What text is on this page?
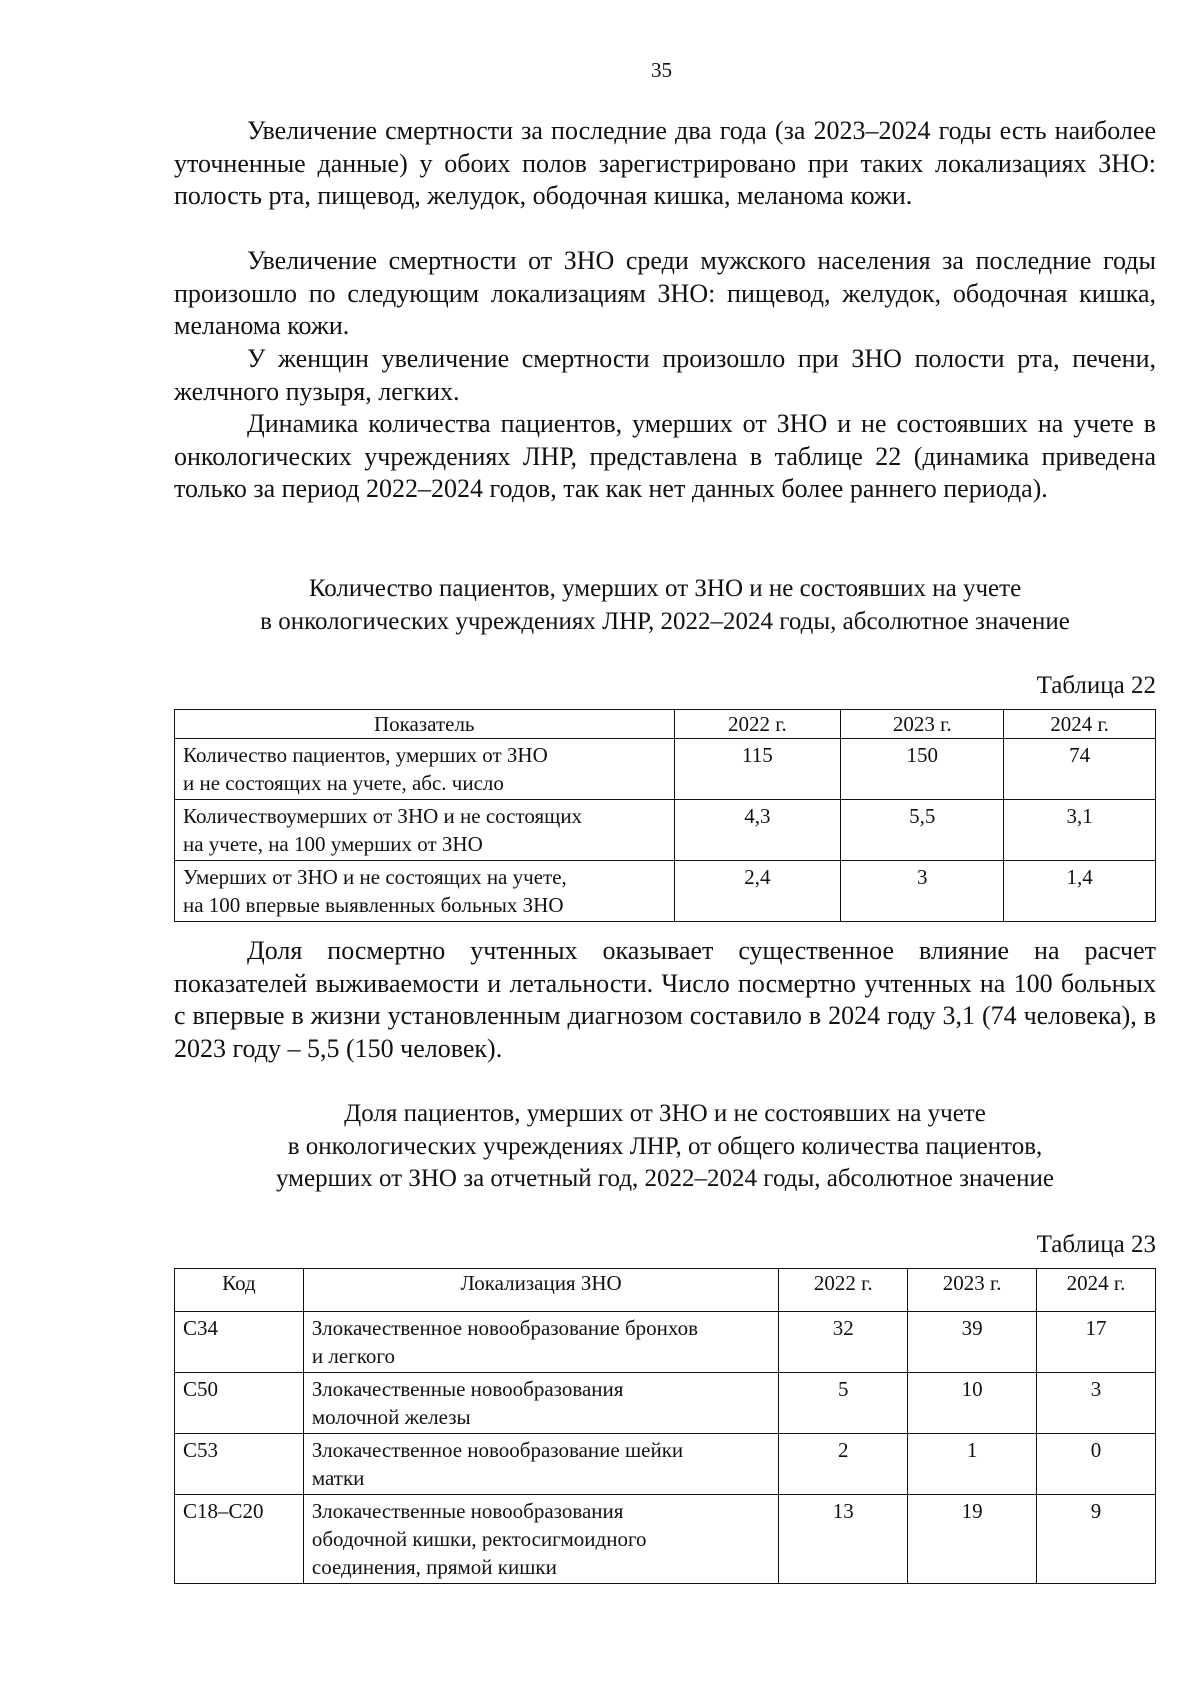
35

Увеличение смертности за последние два года (за 2023–2024 годы есть наиболее уточненные данные) у обоих полов зарегистрировано при таких локализациях ЗНО: полость рта, пищевод, желудок, ободочная кишка, меланома кожи.

Увеличение смертности от ЗНО среди мужского населения за последние годы произошло по следующим локализациям ЗНО: пищевод, желудок, ободочная кишка, меланома кожи.

У женщин увеличение смертности произошло при ЗНО полости рта, печени, желчного пузыря, легких.

Динамика количества пациентов, умерших от ЗНО и не состоявших на учете в онкологических учреждениях ЛНР, представлена в таблице 22 (динамика приведена только за период 2022–2024 годов, так как нет данных более раннего периода).

Количество пациентов, умерших от ЗНО и не состоявших на учете
в онкологических учреждениях ЛНР, 2022–2024 годы, абсолютное значение

Таблица 22

Показатель	2022 г.	2023 г.	2024 г.
Количество пациентов, умерших от ЗНО
и не состоящих на учете, абс. число	115	150	74
Количествоумерших от ЗНО и не состоящих
на учете, на 100 умерших от ЗНО	4,3	5,5	3,1
Умерших от ЗНО и не состоящих на учете,
на 100 впервые выявленных больных ЗНО	2,4	3	1,4

Доля посмертно учтенных оказывает существенное влияние на расчет показателей выживаемости и летальности. Число посмертно учтенных на 100 больных с впервые в жизни установленным диагнозом составило в 2024 году 3,1 (74 человека), в 2023 году – 5,5 (150 человек).

Доля пациентов, умерших от ЗНО и не состоявших на учете
в онкологических учреждениях ЛНР, от общего количества пациентов,
умерших от ЗНО за отчетный год, 2022–2024 годы, абсолютное значение

Таблица 23

Код	Локализация ЗНО	2022 г.	2023 г.	2024 г.
С34	Злокачественное новообразование бронхов
и легкого	32	39	17
С50	Злокачественные новообразования
молочной железы	5	10	3
С53	Злокачественное новообразование шейки
матки	2	1	0
С18–С20	Злокачественные новообразования
ободочной кишки, ректосигмоидного
соединения, прямой кишки	13	19	9
